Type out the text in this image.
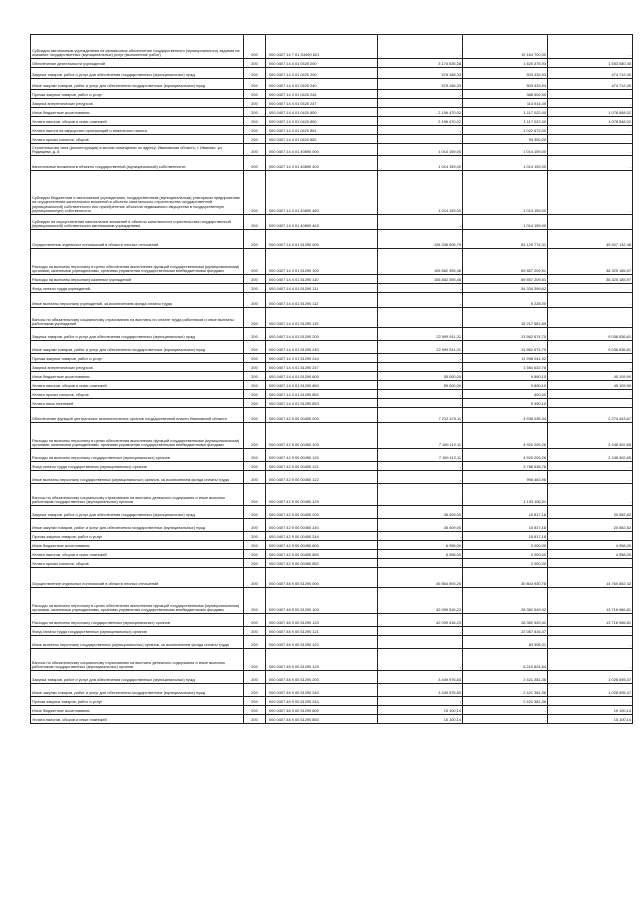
Субсидия автономным учреждениям на финансовое обеспечение государственного (муниципального) задания на оказание государственных (муниципальных) услуг (выполнение работ)	200	000 0407 14 7 01 S3490 621	-	19 164 700,00	-
Обеспечение деятельности учреждений	200	000 0407 14 4 01 0420 000	3 174 635,38	1 620 475,93	1 553 580,45
Закупка товаров, работ и услуг для обеспечения государственных (муниципальных) нужд	200	000 0407 14 4 01 0420 200	978 168,33	503 433,93	474 712,40
Иные закупки товаров, работ и услуг для обеспечения государственных (муниципальных) нужд	200	000 0407 14 4 01 0420 240	978 168,33	503 433,93	474 712,40
Прочая закупка товаров, работ и услуг	200	000 0407 14 4 01 0420 244	-	388 509,50	-
Закупка энергетических ресурсов	200	000 0407 14 4 01 0420 247	-	114 914,40	-
Иные бюджетные ассигнования	200	000 0407 14 4 01 0420 800	2 196 470,02	1 117 022,00	1 078 848,02
Уплата налогов, сборов и иных платежей	200	000 0407 14 4 01 0420 850	2 196 470,02	1 117 022,00	1 078 848,02
Уплата налога на имущество организаций и земельного налога	200	000 0407 14 4 01 0420 851	-	1 022 672,00	-
Уплата прочих налогов, сборов	200	000 0407 14 4 01 0420 852	-	94 350,00	-
Строительство типа (реконструкция) в жилом помещении по адресу: Ивановская область, г. Иваново, ул. Радищева, д. 8	200	000 0407 14 4 01 40890 000	1 014 159,00	1 014 159,00	-
Капитальные вложения в объекты государственной (муниципальной) собственности	200	000 0407 14 4 01 40890 400	1 014 159,00	1 014 159,00	-
Субсидии бюджетным и автономным учреждениям, государственным (муниципальным) унитарным предприятиям на осуществление капитальных вложений в объекты капитального строительства государственной (муниципальной) собственности или приобретение объектов недвижимого имущества в государственную (муниципальную) собственность	200	000 0407 14 4 01 40890 460	1 014 159,00	1 014 159,00	-
Субсидии на осуществление капитальных вложений в объекты капитального строительства государственной (муниципальной) собственности автономным учреждениям	200	000 0407 14 4 01 40890 463	-	1 014 159,00	-
Осуществление отдельных полномочий в области лесных отношений	200	000 0407 14 4 01 51290 000	128 336 906,79	83 129 774,31	45 407 132,48
Расходы на выплаты персоналу в целях обеспечения выполнения функций государственными (муниципальными) органами, казенными учреждениями, органами управления государственными внебюджетными фондами	200	000 0407 14 4 01 51290 100	105 882 395,48	69 557 209,51	36 325 185,97
Расходы на выплаты персоналу казенных учреждений	200	000 0407 14 4 01 51290 110	105 882 395,48	69 557 209,51	36 325 185,97
Фонд оплаты труда учреждений	200	000 0407 14 4 01 51290 111	-	54 334 399,62	-
Иные выплаты персоналу учреждений, за исключением фонда оплаты труда	200	000 0407 14 4 01 51290 112	-	5 228,00	-
Взносы по обязательному социальному страхованию на выплаты по оплате труда работников и иные выплаты работникам учреждений	200	000 0407 14 4 01 51290 119	-	15 217 581,89	-
Закупка товаров, работ и услуг для обеспечения государственных (муниципальных) нужд	200	000 0407 14 4 01 51290 200	22 599 511,31	13 562 674,70	9 036 836,61
Иные закупки товаров, работ и услуг для обеспечения государственных (муниципальных) нужд	200	000 0407 14 4 01 51290 240	22 599 511,31	13 562 674,70	9 036 836,61
Прочая закупка товаров, работ и услуг	200	000 0407 14 4 01 51290 244	-	11 998 041,92	-
Закупка энергетических ресурсов	200	000 0407 14 4 01 51290 247	-	1 564 632,78	-
Иные бюджетные ассигнования	200	000 0407 14 4 01 51290 800	55 000,00	9 890,10	45 109,90
Уплата налогов, сборов и иных платежей	200	000 0407 14 4 01 51290 850	55 000,00	9 890,10	45 109,90
Уплата прочих налогов, сборов	200	000 0407 14 4 01 51290 852	-	400,00	-
Уплата иных платежей	200	000 0407 14 4 01 51290 853	-	9 490,10	-
Обеспечение функций центральных исполнительных органов государственной власти Ивановской области	200	000 0407 42 9 00 00450 000	7 212 479,11	4 938 035,44	2 274 443,67
Расходы на выплаты персоналу в целях обеспечения выполнения функций государственными (муниципальными) органами, казенными учреждениями, органами управления государственными внебюджетными фондами	200	000 0407 42 9 00 00450 100	7 169 112,11	4 920 209,26	2 248 902,85
Расходы на выплаты персоналу государственных (муниципальных) органов	200	000 0407 42 9 00 00450 120	7 169 112,11	4 920 209,26	2 248 902,85
Фонд оплаты труда государственных (муниципальных) органов	200	000 0407 42 9 00 00450 121	-	3 788 638,78	-
Иные выплаты персоналу государственных (муниципальных) органов, за исключением фонда оплаты труда	200	000 0407 42 9 00 00450 122	-	998 463,96	-
Взносы по обязательному социальному страхованию на выплаты денежного содержания и иные выплаты работникам государственных (муниципальных) органов	200	000 0407 42 9 00 00450 129	-	1 133 106,51	-
Закупка товаров, работ и услуг для обеспечения государственных (муниципальных) нужд	200	000 0407 42 9 00 00450 200	36 409,00	15 817,18	20 582,82
Иные закупки товаров, работ и услуг для обеспечения государственных (муниципальных) нужд	200	000 0407 42 9 00 00450 240	36 409,00	15 817,18	20 582,82
Прочая закупка товаров, работ и услуг	200	000 0407 42 9 00 00450 244	-	15 817,18	-
Иные бюджетные ассигнования	200	000 0407 42 9 00 00450 800	6 958,00	2 000,00	4 958,00
Уплата налогов, сборов и иных платежей	200	000 0407 42 9 00 00450 850	6 958,00	2 000,00	4 958,00
Уплата прочих налогов, сборов	200	000 0407 42 9 00 00450 852	-	2 000,00	-
Осуществление отдельных полномочий в области лесных отношений	200	000 0407 48 9 00 51290 000	45 564 593,20	30 803 930,78	14 760 662,42
Расходы на выплаты персоналу в целях обеспечения выполнения функций государственными (муниципальными) органами, казенными учреждениями, органами управления государственными внебюджетными фондами	200	000 0407 48 9 00 51290 100	42 099 516,23	28 382 549,42	13 716 966,81
Расходы на выплаты персоналу государственных (муниципальных) органов	200	000 0407 48 9 00 51290 120	42 099 516,23	28 382 549,42	13 716 966,81
Фонд оплаты труда государственных (муниципальных) органов	200	000 0407 48 9 00 51290 121	-	22 087 816,47	-
Иные выплаты персоналу государственных (муниципальных) органов, за исключением фонда оплаты труда	200	000 0407 48 9 00 51290 122	-	83 908,31	-
Взносы по обязательному социальному страхованию на выплаты денежного содержания и иные выплаты работникам государственных (муниципальных) органов	200	000 0407 48 9 00 51290 129	-	6 210 824,64	-
Закупка товаров, работ и услуг для обеспечения государственных (муниципальных) нужд	200	000 0407 48 9 00 51290 200	3 449 976,83	2 421 381,36	1 028 595,47
Иные закупки товаров, работ и услуг для обеспечения государственных (муниципальных) нужд	200	000 0407 48 9 00 51290 240	3 449 976,83	2 421 381,36	1 028 595,47
Прочая закупка товаров, работ и услуг	200	000 0407 48 9 00 51290 244	-	2 421 381,36	-
Иные бюджетные ассигнования	200	000 0407 48 9 00 51290 800	15 100,14	-	15 100,14
Уплата налогов, сборов и иных платежей	200	000 0407 48 9 00 51290 850	15 100,14	-	15 100,14
